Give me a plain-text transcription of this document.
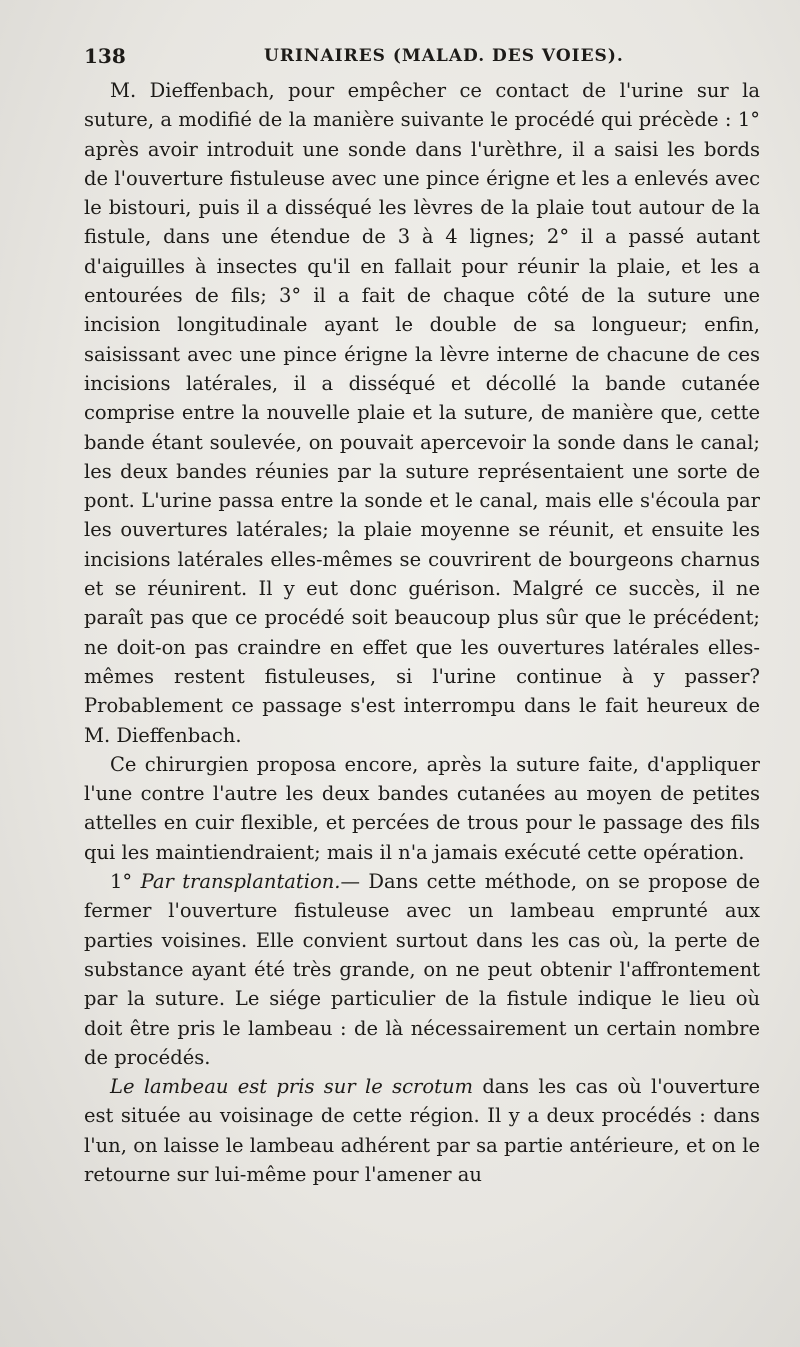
138	URINAIRES (MALAD. DES VOIES).

M. Dieffenbach, pour empêcher ce contact de l'urine sur la suture, a modifié de la manière suivante le procédé qui précède : 1° après avoir introduit une sonde dans l'urèthre, il a saisi les bords de l'ouverture fistuleuse avec une pince érigne et les a enlevés avec le bistouri, puis il a disséqué les lèvres de la plaie tout autour de la fistule, dans une étendue de 3 à 4 lignes; 2° il a passé autant d'aiguilles à insectes qu'il en fallait pour réunir la plaie, et les a entourées de fils; 3° il a fait de chaque côté de la suture une incision longitudinale ayant le double de sa longueur; enfin, saisissant avec une pince érigne la lèvre interne de chacune de ces incisions latérales, il a disséqué et décollé la bande cutanée comprise entre la nouvelle plaie et la suture, de manière que, cette bande étant soulevée, on pouvait apercevoir la sonde dans le canal; les deux bandes réunies par la suture représentaient une sorte de pont. L'urine passa entre la sonde et le canal, mais elle s'écoula par les ouvertures latérales; la plaie moyenne se réunit, et ensuite les incisions latérales elles-mêmes se couvrirent de bourgeons charnus et se réunirent. Il y eut donc guérison. Malgré ce succès, il ne paraît pas que ce procédé soit beaucoup plus sûr que le précédent; ne doit-on pas craindre en effet que les ouvertures latérales elles-mêmes restent fistuleuses, si l'urine continue à y passer? Probablement ce passage s'est interrompu dans le fait heureux de M. Dieffenbach.

Ce chirurgien proposa encore, après la suture faite, d'appliquer l'une contre l'autre les deux bandes cutanées au moyen de petites attelles en cuir flexible, et percées de trous pour le passage des fils qui les maintiendraient; mais il n'a jamais exécuté cette opération.

1° Par transplantation.— Dans cette méthode, on se propose de fermer l'ouverture fistuleuse avec un lambeau emprunté aux parties voisines. Elle convient surtout dans les cas où, la perte de substance ayant été très grande, on ne peut obtenir l'affrontement par la suture. Le siége particulier de la fistule indique le lieu où doit être pris le lambeau : de là nécessairement un certain nombre de procédés.

Le lambeau est pris sur le scrotum dans les cas où l'ouverture est située au voisinage de cette région. Il y a deux procédés : dans l'un, on laisse le lambeau adhérent par sa partie antérieure, et on le retourne sur lui-même pour l'amener au
